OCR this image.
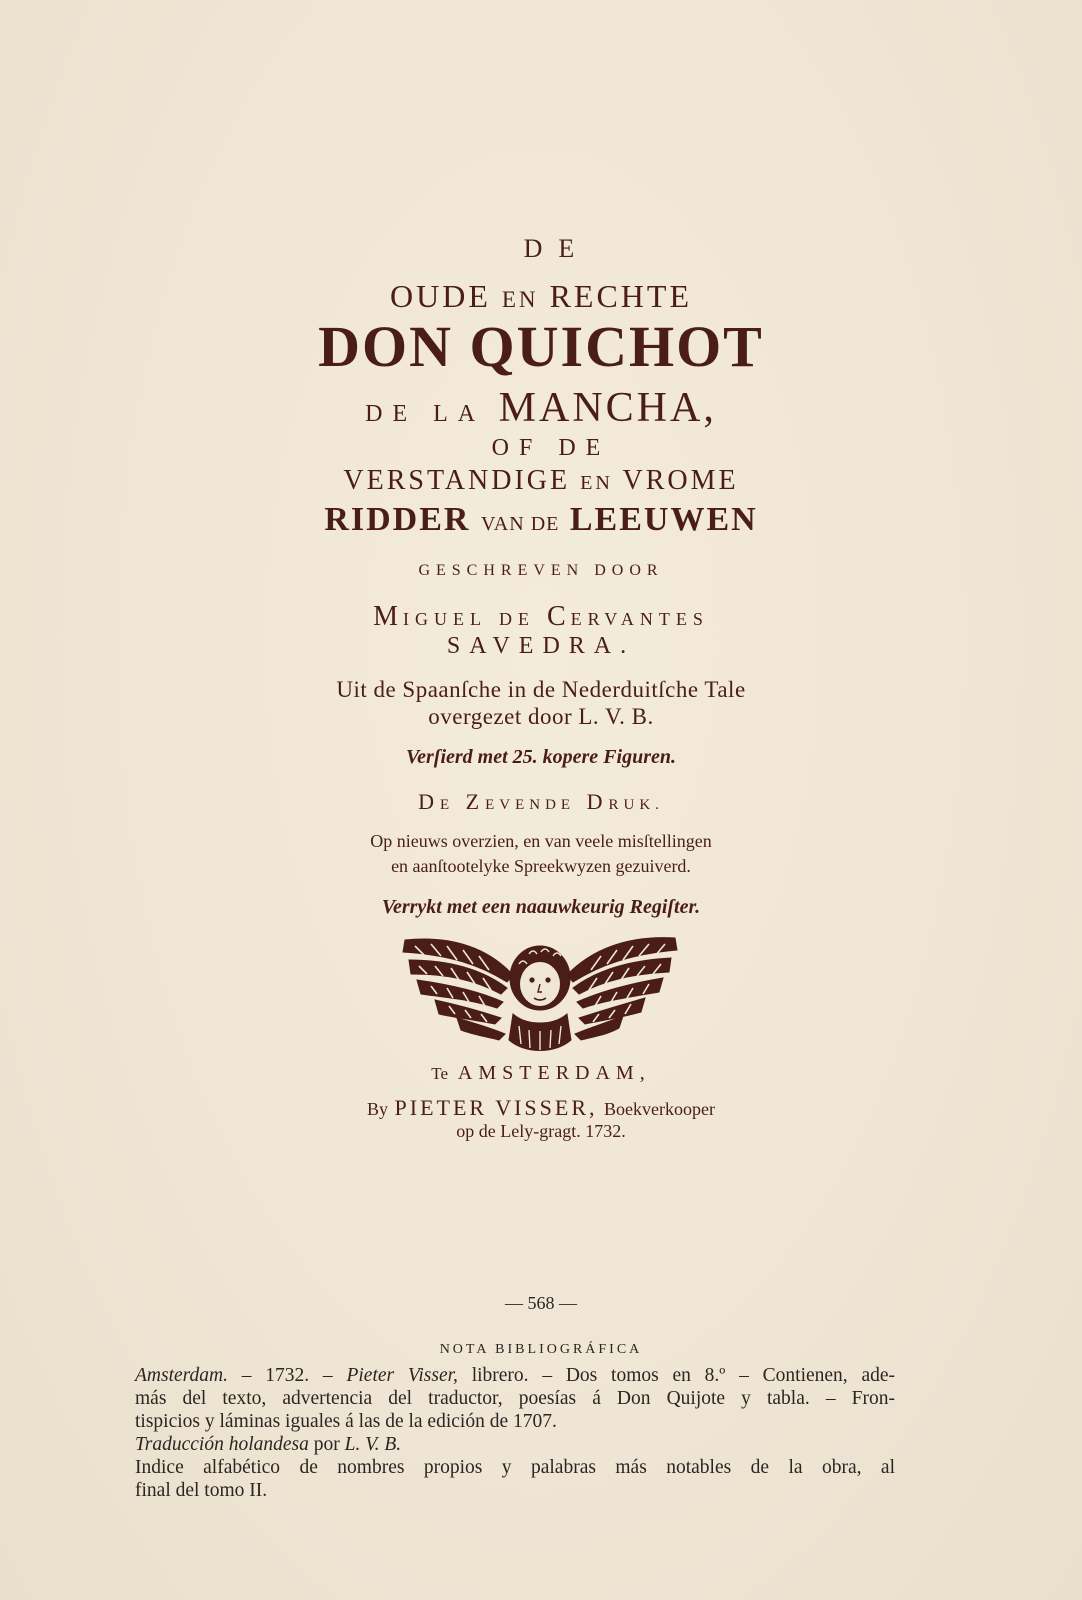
DE
OUDE EN RECHTE
DON QUICHOT
DE LA MANCHA,
OF DE
VERSTANDIGE EN VROME
RIDDER VAN DE LEEUWEN
GESCHREVEN DOOR
MIGUEL DE CERVANTES
SAVEDRA.
Uit de Spaanſche in de Nederduitſche Tale
overgezet door L. V. B.
Verſierd met 25. kopere Figuren.
DE ZEVENDE DRUK.
Op nieuws overzien, en van veele misſtellingen
en aanſtootelyke Spreekwyzen gezuiverd.
Verrykt met een naauwkeurig Regiſter.
Te AMSTERDAM,
By PIETER VISSER, Boekverkooper
op de Lely-gragt. 1732.
— 568 —
NOTA BIBLIOGRÁFICA
Amsterdam. – 1732. – Pieter Visser, librero. – Dos tomos en 8.º – Contienen, ade-
más del texto, advertencia del traductor, poesías á Don Quijote y tabla. – Fron-
tispicios y láminas iguales á las de la edición de 1707.
Traducción holandesa por L. V. B.
Indice alfabético de nombres propios y palabras más notables de la obra, al
final del tomo II.
